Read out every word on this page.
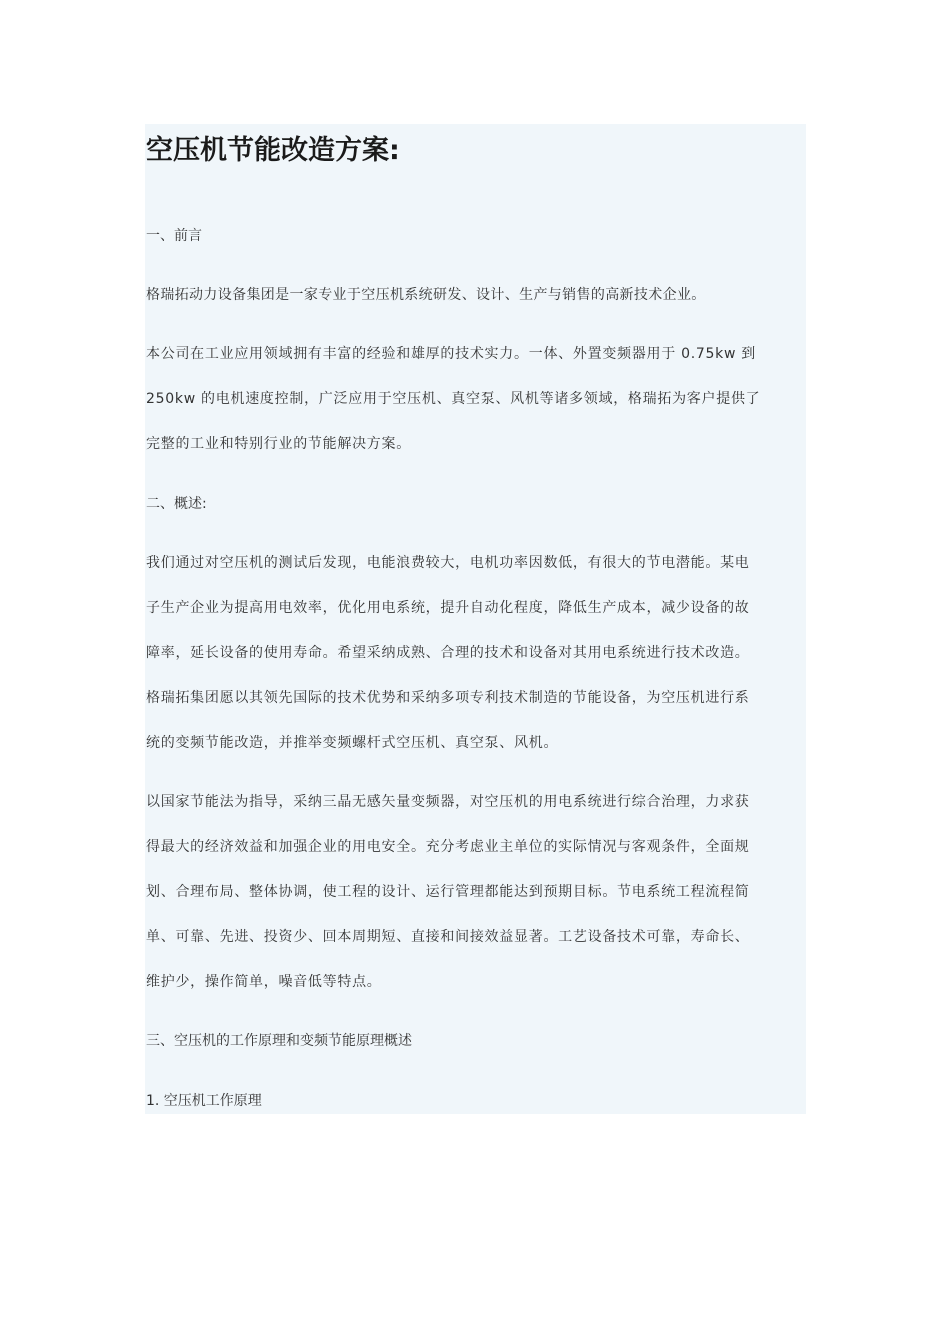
空压机节能改造方案:

一、前言

格瑞拓动力设备集团是一家专业于空压机系统研发、设计、生产与销售的高新技术企业。

本公司在工业应用领域拥有丰富的经验和雄厚的技术实力。一体、外置变频器用于 0.75kw 到

250kw 的电机速度控制，广泛应用于空压机、真空泵、风机等诸多领域，格瑞拓为客户提供了

完整的工业和特别行业的节能解决方案。

二、概述:

我们通过对空压机的测试后发现，电能浪费较大，电机功率因数低，有很大的节电潜能。某电

子生产企业为提高用电效率，优化用电系统，提升自动化程度，降低生产成本，减少设备的故

障率，延长设备的使用寿命。希望采纳成熟、合理的技术和设备对其用电系统进行技术改造。

格瑞拓集团愿以其领先国际的技术优势和采纳多项专利技术制造的节能设备，为空压机进行系

统的变频节能改造，并推举变频螺杆式空压机、真空泵、风机。

以国家节能法为指导，采纳三晶无感矢量变频器，对空压机的用电系统进行综合治理，力求获

得最大的经济效益和加强企业的用电安全。充分考虑业主单位的实际情况与客观条件，全面规

划、合理布局、整体协调，使工程的设计、运行管理都能达到预期目标。节电系统工程流程简

单、可靠、先进、投资少、回本周期短、直接和间接效益显著。工艺设备技术可靠，寿命长、

维护少，操作简单，噪音低等特点。

三、空压机的工作原理和变频节能原理概述

1. 空压机工作原理
